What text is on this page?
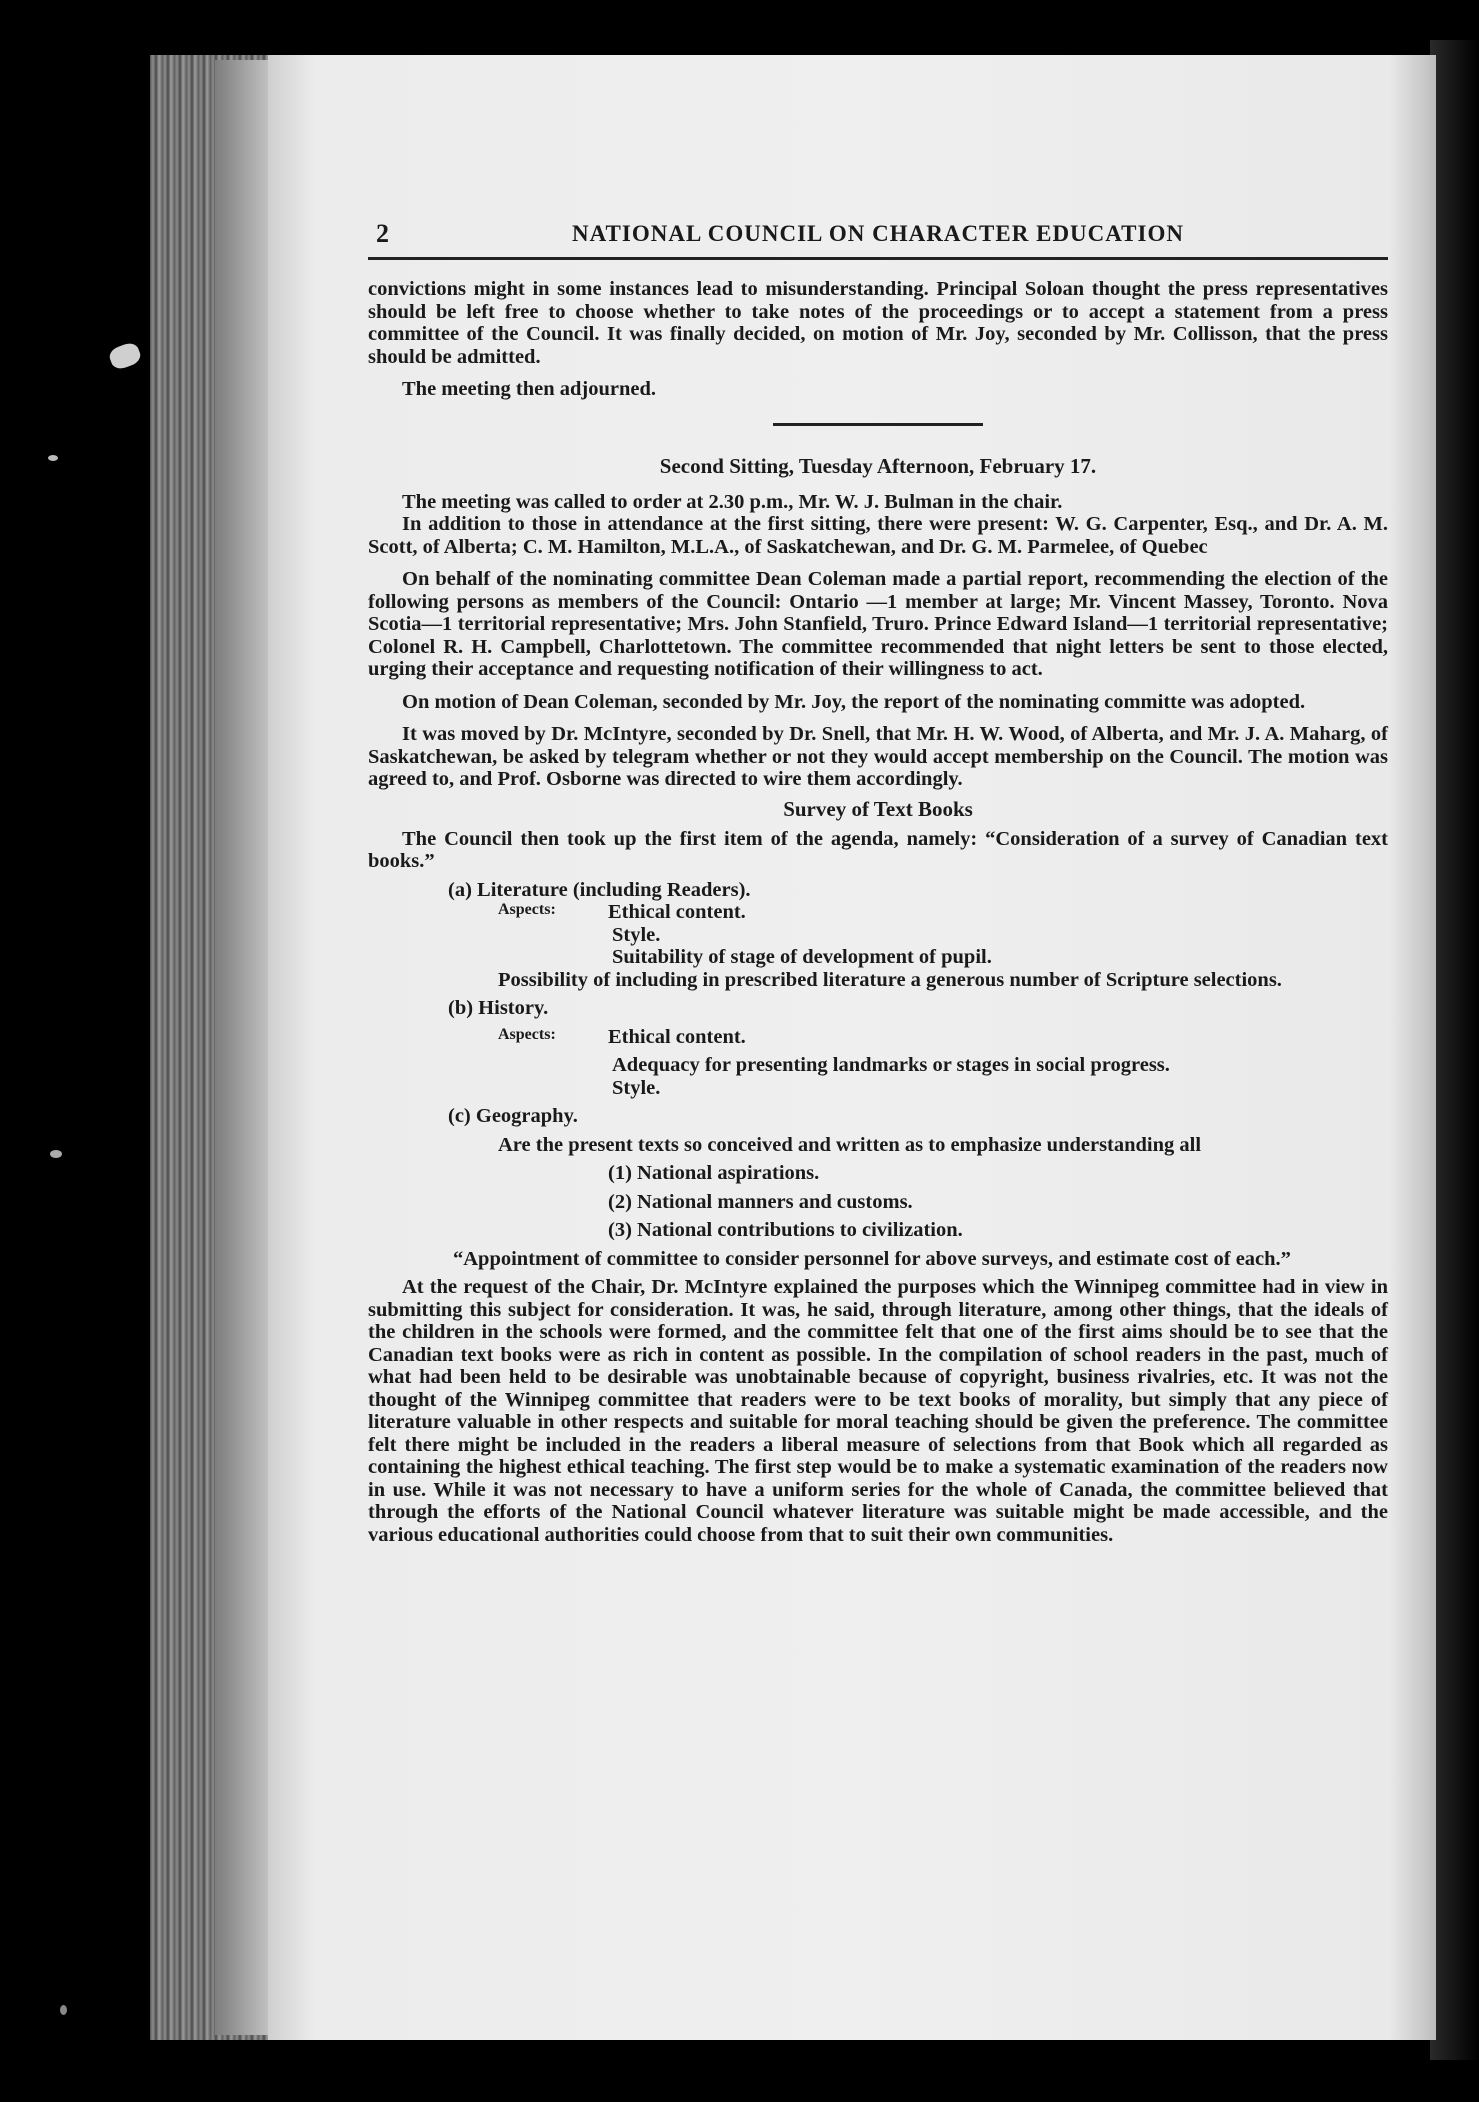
2	NATIONAL COUNCIL ON CHARACTER EDUCATION

convictions might in some instances lead to misunderstanding. Principal Soloan thought the press representatives should be left free to choose whether to take notes of the proceedings or to accept a statement from a press committee of the Council. It was finally decided, on motion of Mr. Joy, seconded by Mr. Collisson, that the press should be admitted.

The meeting then adjourned.

Second Sitting, Tuesday Afternoon, February 17.

The meeting was called to order at 2.30 p.m., Mr. W. J. Bulman in the chair.

In addition to those in attendance at the first sitting, there were present: W. G. Carpenter, Esq., and Dr. A. M. Scott, of Alberta; C. M. Hamilton, M.L.A., of Saskatchewan, and Dr. G. M. Parmelee, of Quebec

On behalf of the nominating committee Dean Coleman made a partial report, recommending the election of the following persons as members of the Council: Ontario —1 member at large; Mr. Vincent Massey, Toronto. Nova Scotia—1 territorial representative; Mrs. John Stanfield, Truro. Prince Edward Island—1 territorial representative; Colonel R. H. Campbell, Charlottetown. The committee recommended that night letters be sent to those elected, urging their acceptance and requesting notification of their willingness to act.

On motion of Dean Coleman, seconded by Mr. Joy, the report of the nominating committe was adopted.

It was moved by Dr. McIntyre, seconded by Dr. Snell, that Mr. H. W. Wood, of Alberta, and Mr. J. A. Maharg, of Saskatchewan, be asked by telegram whether or not they would accept membership on the Council. The motion was agreed to, and Prof. Osborne was directed to wire them accordingly.

Survey of Text Books

The Council then took up the first item of the agenda, namely: “Consideration of a survey of Canadian text books.”

(a) Literature (including Readers).

Aspects:	Ethical content.

Style.

Suitability of stage of development of pupil.

Possibility of including in prescribed literature a generous number of Scripture selections.

(b) History.

Aspects:	Ethical content.

Adequacy for presenting landmarks or stages in social progress.

Style.

(c) Geography.

Are the present texts so conceived and written as to emphasize understanding all

(1) National aspirations.

(2) National manners and customs.

(3) National contributions to civilization.

“Appointment of committee to consider personnel for above surveys, and estimate cost of each.”

At the request of the Chair, Dr. McIntyre explained the purposes which the Winnipeg committee had in view in submitting this subject for consideration. It was, he said, through literature, among other things, that the ideals of the children in the schools were formed, and the committee felt that one of the first aims should be to see that the Canadian text books were as rich in content as possible. In the compilation of school readers in the past, much of what had been held to be desirable was unobtainable because of copyright, business rivalries, etc. It was not the thought of the Winnipeg committee that readers were to be text books of morality, but simply that any piece of literature valuable in other respects and suitable for moral teaching should be given the preference. The committee felt there might be included in the readers a liberal measure of selections from that Book which all regarded as containing the highest ethical teaching. The first step would be to make a systematic examination of the readers now in use. While it was not necessary to have a uniform series for the whole of Canada, the committee believed that through the efforts of the National Council whatever literature was suitable might be made accessible, and the various educational authorities could choose from that to suit their own communities.
